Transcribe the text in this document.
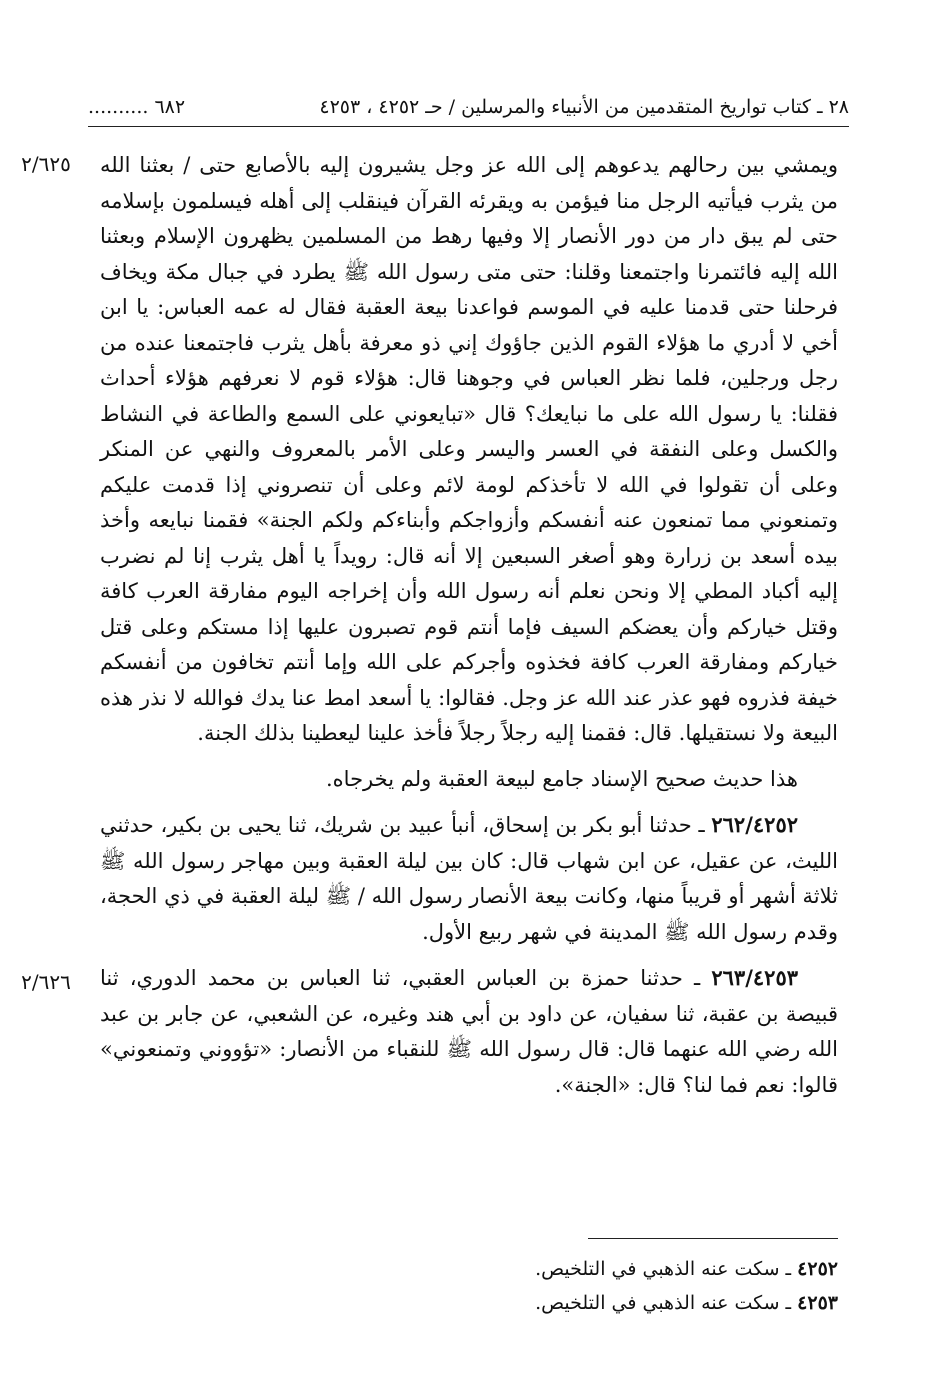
٢٨ ـ كتاب تواريخ المتقدمين من الأنبياء والمرسلين / حـ ٤٢٥٢ ، ٤٢٥٣
٦٨٢ ..........
٢/٦٢٥
٢/٦٢٦

ويمشي بين رحالهم يدعوهم إلى الله عز وجل يشيرون إليه بالأصابع حتى / بعثنا الله من يثرب فيأتيه الرجل منا فيؤمن به ويقرئه القرآن فينقلب إلى أهله فيسلمون بإسلامه حتى لم يبق دار من دور الأنصار إلا وفيها رهط من المسلمين يظهرون الإسلام وبعثنا الله إليه فائتمرنا واجتمعنا وقلنا: حتى متى رسول الله ﷺ يطرد في جبال مكة ويخاف فرحلنا حتى قدمنا عليه في الموسم فواعدنا بيعة العقبة فقال له عمه العباس: يا ابن أخي لا أدري ما هؤلاء القوم الذين جاؤوك إني ذو معرفة بأهل يثرب فاجتمعنا عنده من رجل ورجلين، فلما نظر العباس في وجوهنا قال: هؤلاء قوم لا نعرفهم هؤلاء أحداث فقلنا: يا رسول الله على ما نبايعك؟ قال «تبايعوني على السمع والطاعة في النشاط والكسل وعلى النفقة في العسر واليسر وعلى الأمر بالمعروف والنهي عن المنكر وعلى أن تقولوا في الله لا تأخذكم لومة لائم وعلى أن تنصروني إذا قدمت عليكم وتمنعوني مما تمنعون عنه أنفسكم وأزواجكم وأبناءكم ولكم الجنة» فقمنا نبايعه وأخذ بيده أسعد بن زرارة وهو أصغر السبعين إلا أنه قال: رويداً يا أهل يثرب إنا لم نضرب إليه أكباد المطي إلا ونحن نعلم أنه رسول الله وأن إخراجه اليوم مفارقة العرب كافة وقتل خياركم وأن يعضكم السيف فإما أنتم قوم تصبرون عليها إذا مستكم وعلى قتل خياركم ومفارقة العرب كافة فخذوه وأجركم على الله وإما أنتم تخافون من أنفسكم خيفة فذروه فهو عذر عند الله عز وجل. فقالوا: يا أسعد امط عنا يدك فوالله لا نذر هذه البيعة ولا نستقيلها. قال: فقمنا إليه رجلاً رجلاً فأخذ علينا ليعطينا بذلك الجنة.

هذا حديث صحيح الإسناد جامع لبيعة العقبة ولم يخرجاه.

٢٦٢/٤٢٥٢ ـ حدثنا أبو بكر بن إسحاق، أنبأ عبيد بن شريك، ثنا يحيى بن بكير، حدثني الليث، عن عقيل، عن ابن شهاب قال: كان بين ليلة العقبة وبين مهاجر رسول الله ﷺ ثلاثة أشهر أو قريباً منها، وكانت بيعة الأنصار رسول الله / ﷺ ليلة العقبة في ذي الحجة، وقدم رسول الله ﷺ المدينة في شهر ربيع الأول.

٢٦٣/٤٢٥٣ ـ حدثنا حمزة بن العباس العقبي، ثنا العباس بن محمد الدوري، ثنا قبيصة بن عقبة، ثنا سفيان، عن داود بن أبي هند وغيره، عن الشعبي، عن جابر بن عبد الله رضي الله عنهما قال: قال رسول الله ﷺ للنقباء من الأنصار: «تؤووني وتمنعوني» قالوا: نعم فما لنا؟ قال: «الجنة».

٤٢٥٢ ـ سكت عنه الذهبي في التلخيص.
٤٢٥٣ ـ سكت عنه الذهبي في التلخيص.
